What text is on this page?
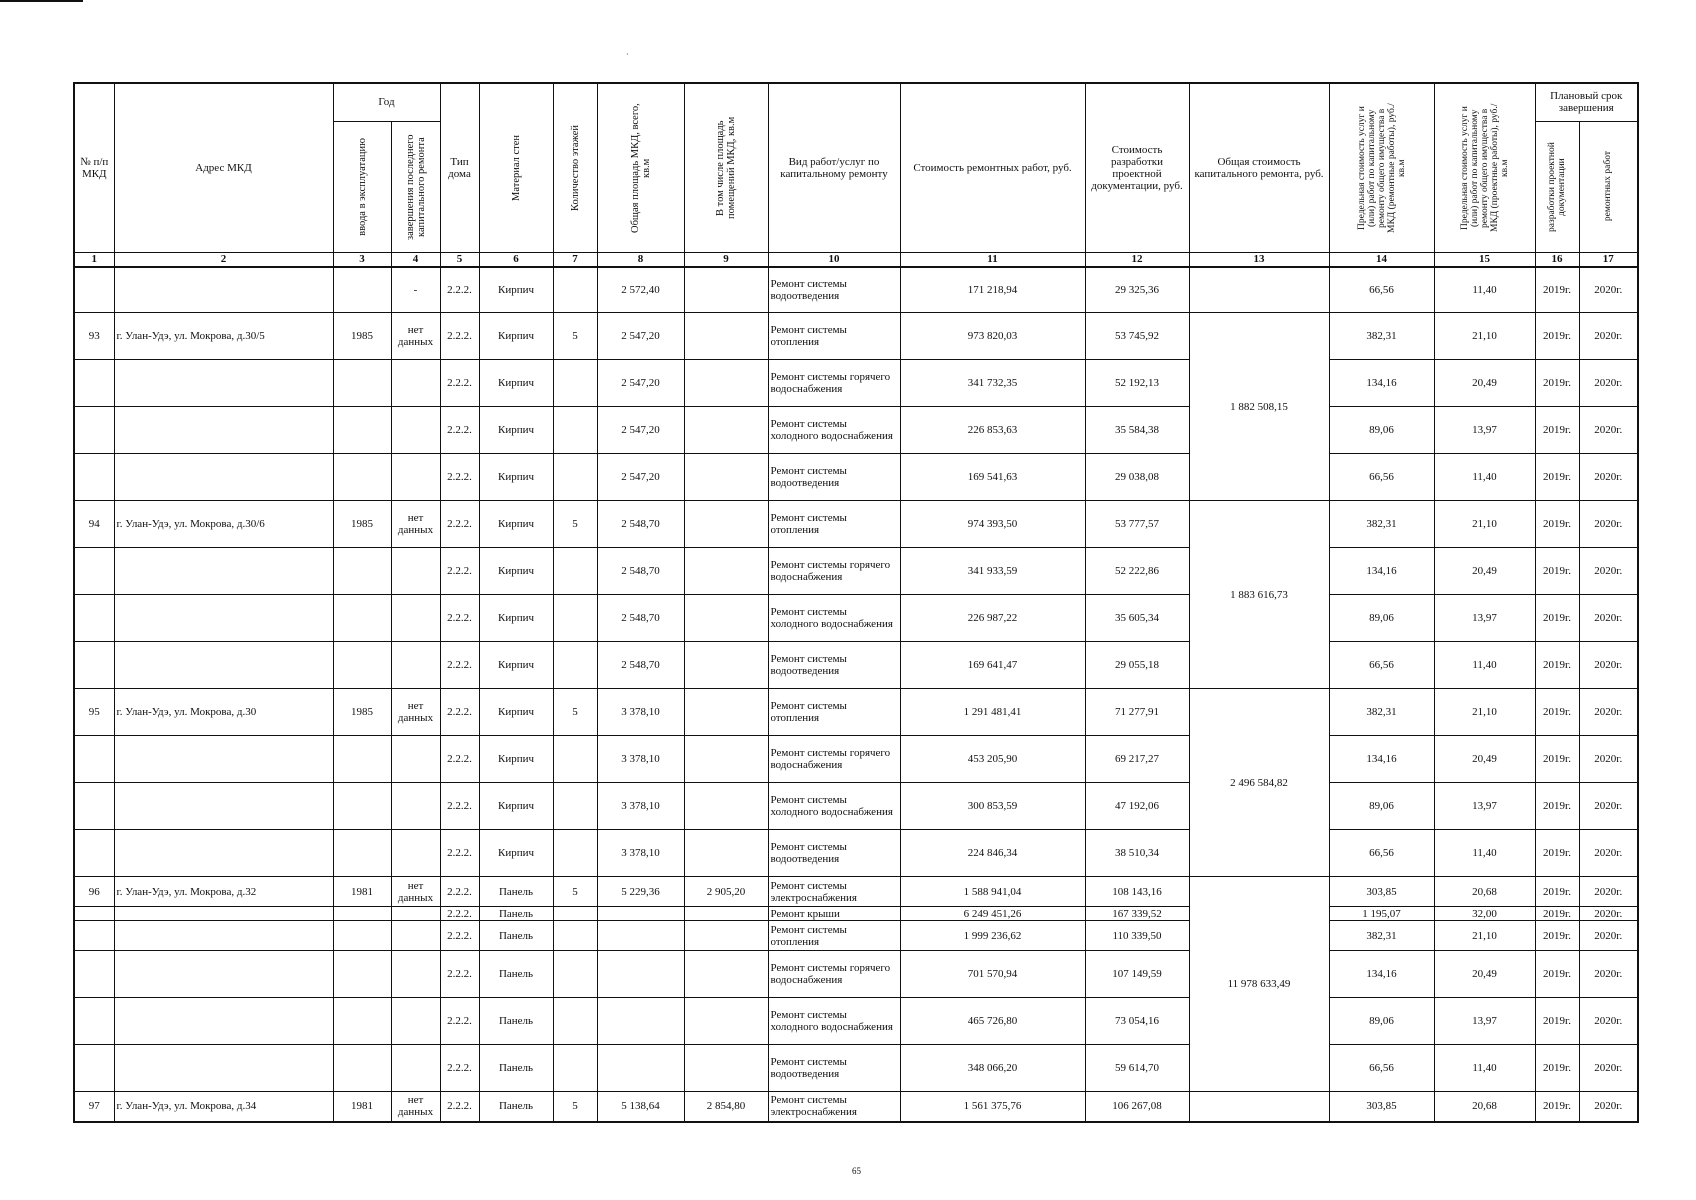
·
№ п/п МКД	Адрес МКД	Год		Тип дома	Материал стен	Количество этажей	Общая площадь МКД, всего, кв.м	В том числе площадь помещений МКД, кв.м	Вид работ/услуг по капитальному ремонту	Стоимость ремонтных работ, руб.	Стоимость разработки проектной документации, руб.	Общая стоимость капитального ремонта, руб.	Предельная стоимость услуг и (или) работ по капитальному ремонту общего имущества в МКД (ремонтные работы), руб./кв.м	Предельная стоимость услуг и (или) работ по капитальному ремонту общего имущества в МКД (проектные работы), руб./кв.м	Плановый срок завершения	

		ввода в эксплуатацию	завершения последнего капитального ремонта												разработки проектной документации	ремонтных работ

1	2	3	4	5	6	7	8	9	10	11	12	13	14	15	16	17
			-	2.2.2.	Кирпич		2 572,40		Ремонт системы водоотведения	171 218,94	29 325,36		66,56	11,40	2019г.	2020г.
93	г. Улан-Удэ, ул. Мокрова, д.30/5	1985	нет данных	2.2.2.	Кирпич	5	2 547,20		Ремонт системы отопления	973 820,03	53 745,92	1 882 508,15	382,31	21,10	2019г.	2020г.
				2.2.2.	Кирпич		2 547,20		Ремонт системы горячего водоснабжения	341 732,35	52 192,13		134,16	20,49	2019г.	2020г.
				2.2.2.	Кирпич		2 547,20		Ремонт системы холодного водоснабжения	226 853,63	35 584,38		89,06	13,97	2019г.	2020г.
				2.2.2.	Кирпич		2 547,20		Ремонт системы водоотведения	169 541,63	29 038,08		66,56	11,40	2019г.	2020г.
94	г. Улан-Удэ, ул. Мокрова, д.30/6	1985	нет данных	2.2.2.	Кирпич	5	2 548,70		Ремонт системы отопления	974 393,50	53 777,57	1 883 616,73	382,31	21,10	2019г.	2020г.
				2.2.2.	Кирпич		2 548,70		Ремонт системы горячего водоснабжения	341 933,59	52 222,86		134,16	20,49	2019г.	2020г.
				2.2.2.	Кирпич		2 548,70		Ремонт системы холодного водоснабжения	226 987,22	35 605,34		89,06	13,97	2019г.	2020г.
				2.2.2.	Кирпич		2 548,70		Ремонт системы водоотведения	169 641,47	29 055,18		66,56	11,40	2019г.	2020г.
95	г. Улан-Удэ, ул. Мокрова, д.30	1985	нет данных	2.2.2.	Кирпич	5	3 378,10		Ремонт системы отопления	1 291 481,41	71 277,91	2 496 584,82	382,31	21,10	2019г.	2020г.
				2.2.2.	Кирпич		3 378,10		Ремонт системы горячего водоснабжения	453 205,90	69 217,27		134,16	20,49	2019г.	2020г.
				2.2.2.	Кирпич		3 378,10		Ремонт системы холодного водоснабжения	300 853,59	47 192,06		89,06	13,97	2019г.	2020г.
				2.2.2.	Кирпич		3 378,10		Ремонт системы водоотведения	224 846,34	38 510,34		66,56	11,40	2019г.	2020г.
96	г. Улан-Удэ, ул. Мокрова, д.32	1981	нет данных	2.2.2.	Панель	5	5 229,36	2 905,20	Ремонт системы электроснабжения	1 588 941,04	108 143,16	11 978 633,49	303,85	20,68	2019г.	2020г.
				2.2.2.	Панель				Ремонт крыши	6 249 451,26	167 339,52		1 195,07	32,00	2019г.	2020г.
				2.2.2.	Панель				Ремонт системы отопления	1 999 236,62	110 339,50		382,31	21,10	2019г.	2020г.
				2.2.2.	Панель				Ремонт системы горячего водоснабжения	701 570,94	107 149,59		134,16	20,49	2019г.	2020г.
				2.2.2.	Панель				Ремонт системы холодного водоснабжения	465 726,80	73 054,16		89,06	13,97	2019г.	2020г.
				2.2.2.	Панель				Ремонт системы водоотведения	348 066,20	59 614,70		66,56	11,40	2019г.	2020г.
97	г. Улан-Удэ, ул. Мокрова, д.34	1981	нет данных	2.2.2.	Панель	5	5 138,64	2 854,80	Ремонт системы электроснабжения	1 561 375,76	106 267,08		303,85	20,68	2019г.	2020г.
65
